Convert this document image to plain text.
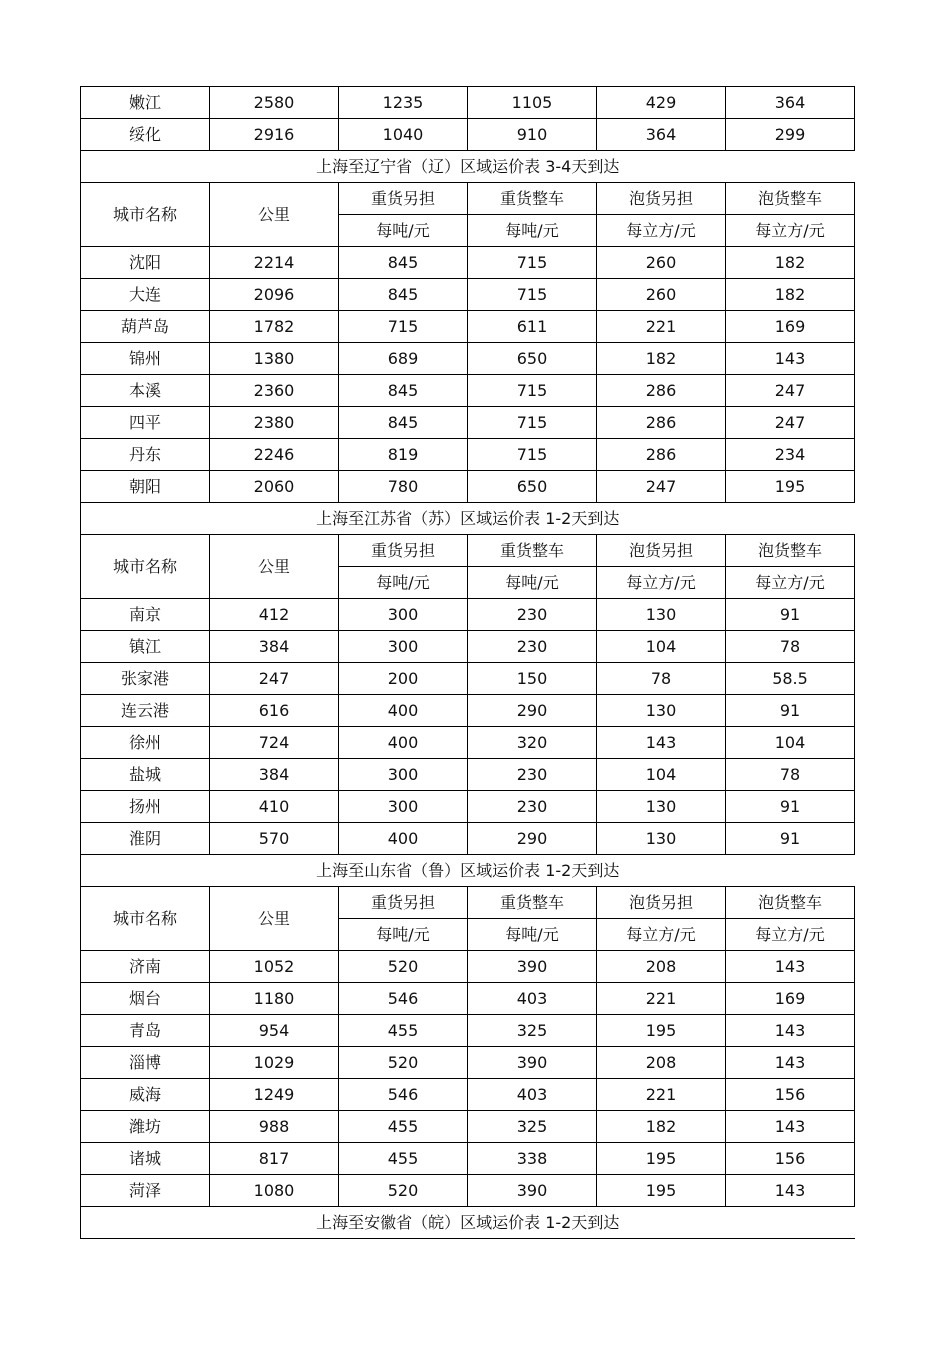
嫩江	2580	1235	1105	429	364
绥化	2916	1040	910	364	299
上海至辽宁省（辽）区域运价表 3-4天到达					
城市名称	公里	重货另担	重货整车	泡货另担	泡货整车
		每吨/元	每吨/元	每立方/元	每立方/元
沈阳	2214	845	715	260	182
大连	2096	845	715	260	182
葫芦岛	1782	715	611	221	169
锦州	1380	689	650	182	143
本溪	2360	845	715	286	247
四平	2380	845	715	286	247
丹东	2246	819	715	286	234
朝阳	2060	780	650	247	195
上海至江苏省（苏）区域运价表 1-2天到达					
城市名称	公里	重货另担	重货整车	泡货另担	泡货整车
		每吨/元	每吨/元	每立方/元	每立方/元
南京	412	300	230	130	91
镇江	384	300	230	104	78
张家港	247	200	150	78	58.5
连云港	616	400	290	130	91
徐州	724	400	320	143	104
盐城	384	300	230	104	78
扬州	410	300	230	130	91
淮阴	570	400	290	130	91
上海至山东省（鲁）区域运价表 1-2天到达					
城市名称	公里	重货另担	重货整车	泡货另担	泡货整车
		每吨/元	每吨/元	每立方/元	每立方/元
济南	1052	520	390	208	143
烟台	1180	546	403	221	169
青岛	954	455	325	195	143
淄博	1029	520	390	208	143
威海	1249	546	403	221	156
潍坊	988	455	325	182	143
诸城	817	455	338	195	156
菏泽	1080	520	390	195	143
上海至安徽省（皖）区域运价表 1-2天到达					
